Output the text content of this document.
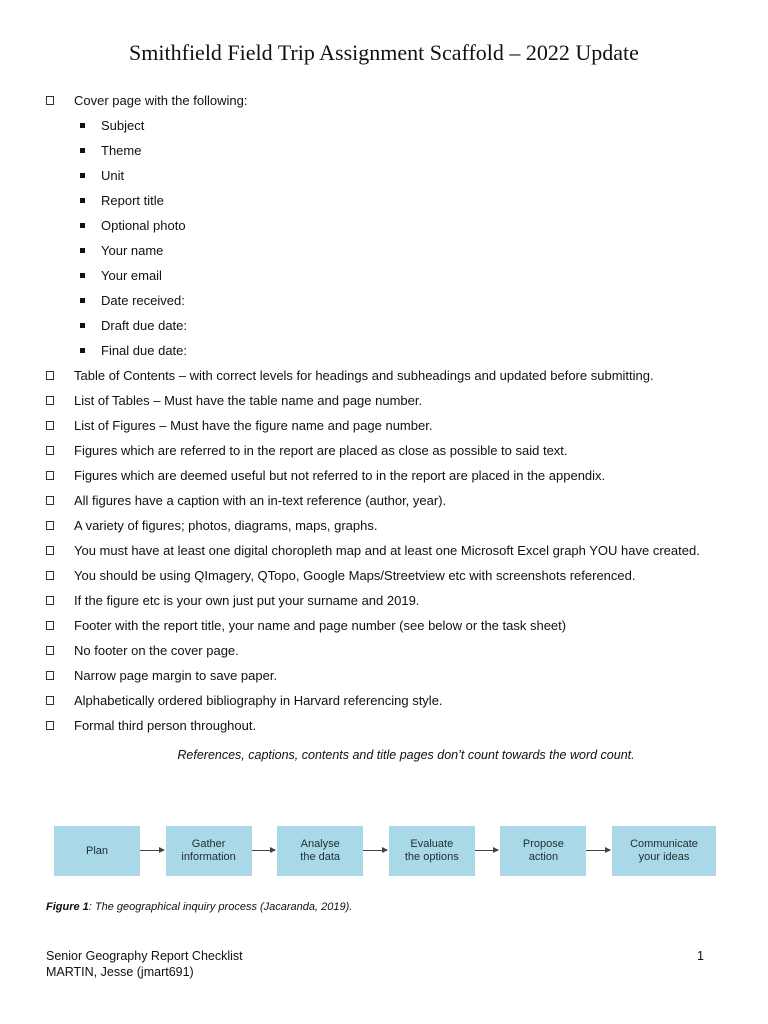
Smithfield Field Trip Assignment Scaffold – 2022 Update
Cover page with the following:
Subject
Theme
Unit
Report title
Optional photo
Your name
Your email
Date received:
Draft due date:
Final due date:
Table of Contents – with correct levels for headings and subheadings and updated before submitting.
List of Tables – Must have the table name and page number.
List of Figures – Must have the figure name and page number.
Figures which are referred to in the report are placed as close as possible to said text.
Figures which are deemed useful but not referred to in the report are placed in the appendix.
All figures have a caption with an in-text reference (author, year).
A variety of figures; photos, diagrams, maps, graphs.
You must have at least one digital choropleth map and at least one Microsoft Excel graph YOU have created.
You should be using QImagery, QTopo, Google Maps/Streetview etc with screenshots referenced.
If the figure etc is your own just put your surname and 2019.
Footer with the report title, your name and page number (see below or the task sheet)
No footer on the cover page.
Narrow page margin to save paper.
Alphabetically ordered bibliography in Harvard referencing style.
Formal third person throughout.
References, captions, contents and title pages don’t count towards the word count.
Plan
Gather
information
Analyse
the data
Evaluate
the options
Propose
action
Communicate
your ideas
Figure 1: The geographical inquiry process (Jacaranda, 2019).
Senior Geography Report Checklist
MARTIN, Jesse (jmart691)
1
